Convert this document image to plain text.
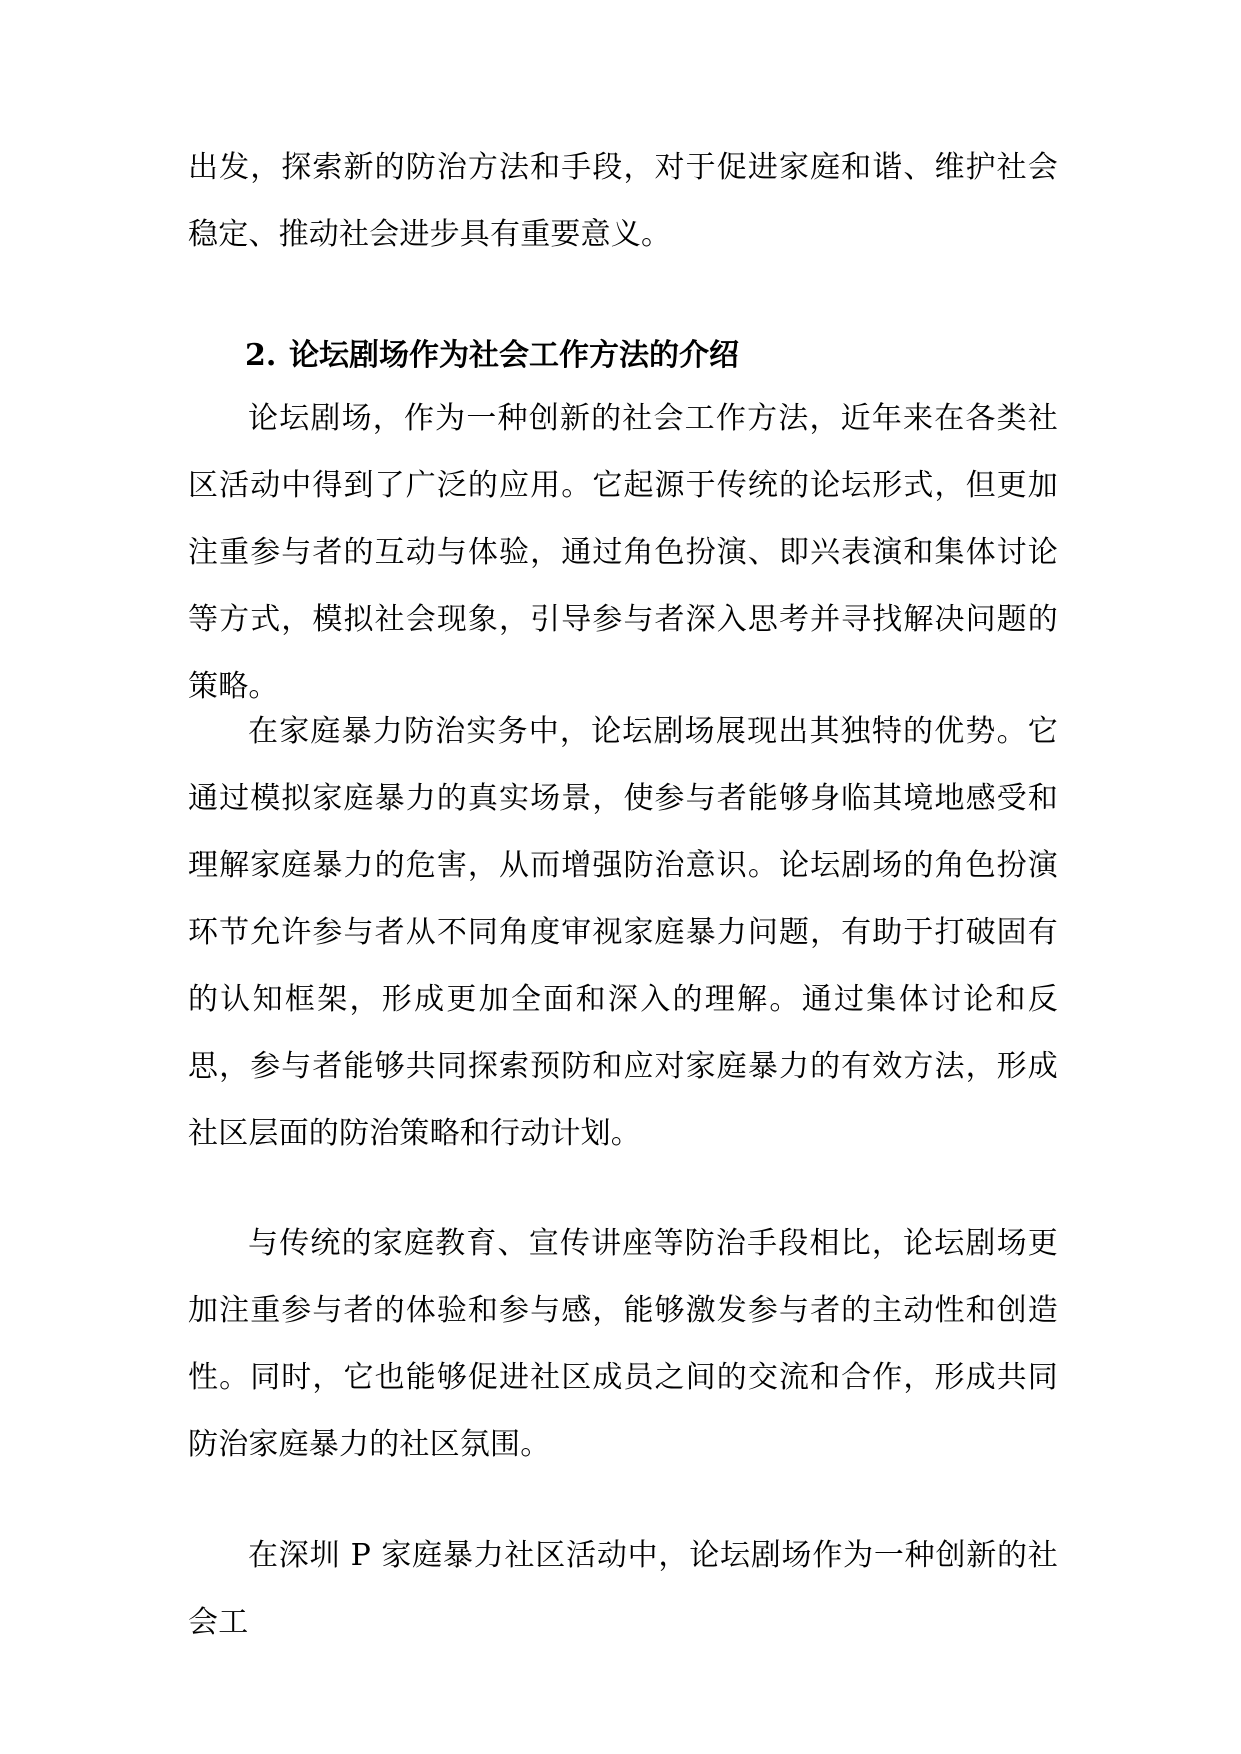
出发，探索新的防治方法和手段，对于促进家庭和谐、维护社会稳定、推动社会进步具有重要意义。

2. 论坛剧场作为社会工作方法的介绍

论坛剧场，作为一种创新的社会工作方法，近年来在各类社区活动中得到了广泛的应用。它起源于传统的论坛形式，但更加注重参与者的互动与体验，通过角色扮演、即兴表演和集体讨论等方式，模拟社会现象，引导参与者深入思考并寻找解决问题的策略。

在家庭暴力防治实务中，论坛剧场展现出其独特的优势。它通过模拟家庭暴力的真实场景，使参与者能够身临其境地感受和理解家庭暴力的危害，从而增强防治意识。论坛剧场的角色扮演环节允许参与者从不同角度审视家庭暴力问题，有助于打破固有的认知框架，形成更加全面和深入的理解。通过集体讨论和反思，参与者能够共同探索预防和应对家庭暴力的有效方法，形成社区层面的防治策略和行动计划。

与传统的家庭教育、宣传讲座等防治手段相比，论坛剧场更加注重参与者的体验和参与感，能够激发参与者的主动性和创造性。同时，它也能够促进社区成员之间的交流和合作，形成共同防治家庭暴力的社区氛围。

在深圳 P 家庭暴力社区活动中，论坛剧场作为一种创新的社会工
